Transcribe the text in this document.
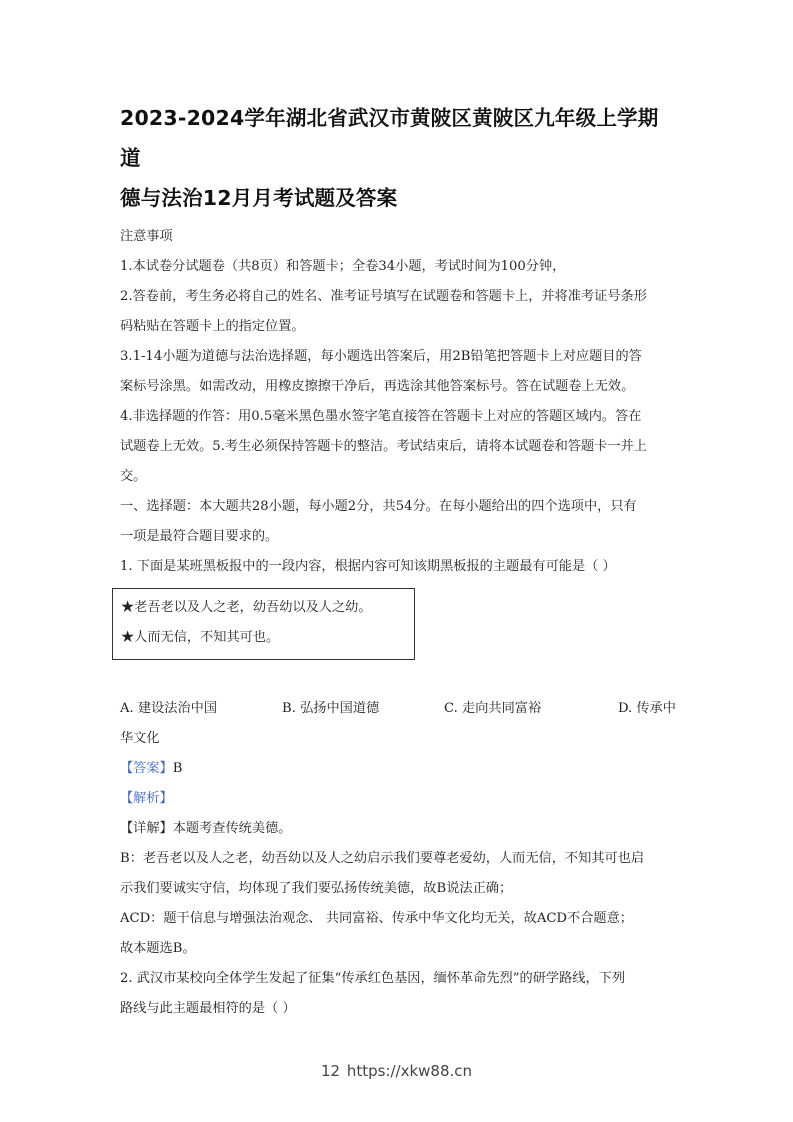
2023-2024学年湖北省武汉市黄陂区黄陂区九年级上学期道
德与法治12月月考试题及答案

注意事项

1.本试卷分试题卷（共8页）和答题卡；全卷34小题，考试时间为100分钟，

2.答卷前，考生务必将自己的姓名、准考证号填写在试题卷和答题卡上，并将准考证号条形

码粘贴在答题卡上的指定位置。

3.1-14小题为道德与法治选择题，每小题选出答案后，用2B铅笔把答题卡上对应题目的答

案标号涂黑。如需改动，用橡皮擦擦干净后，再选涂其他答案标号。答在试题卷上无效。

4.非选择题的作答：用0.5毫米黑色墨水签字笔直接答在答题卡上对应的答题区域内。答在

试题卷上无效。5.考生必须保持答题卡的整洁。考试结束后，请将本试题卷和答题卡一并上

交。

一、选择题：本大题共28小题，每小题2分，共54分。在每小题给出的四个选项中，只有

一项是最符合题目要求的。

1. 下面是某班黑板报中的一段内容，根据内容可知该期黑板报的主题最有可能是（ ）

★老吾老以及人之老，幼吾幼以及人之幼。

★人而无信，不知其可也。

A. 建设法治中国	B. 弘扬中国道德	C. 走向共同富裕	D. 传承中

华文化

【答案】B

【解析】

【详解】本题考查传统美德。

B：老吾老以及人之老，幼吾幼以及人之幼启示我们要尊老爱幼，人而无信，不知其可也启

示我们要诚实守信，均体现了我们要弘扬传统美德，故B说法正确；

ACD：题干信息与增强法治观念、 共同富裕、传承中华文化均无关，故ACD不合题意；

故本题选B。

2. 武汉市某校向全体学生发起了征集“传承红色基因，缅怀革命先烈”的研学路线，下列

路线与此主题最相符的是（ ）

12 https://xkw88.cn
